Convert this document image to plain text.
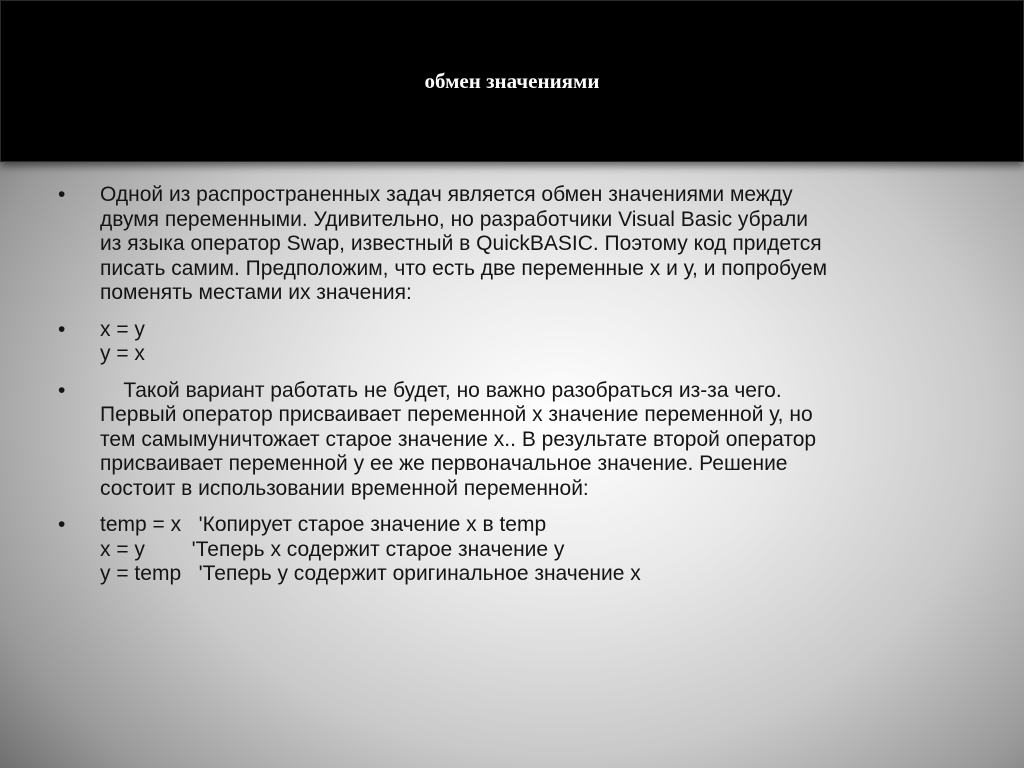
обмен значениями
•	Одной из распространенных задач является обмен значениями между
двумя переменными. Удивительно, но разработчики Visual Basic убрали
из языка оператор Swap, известный в QuickBASIC. Поэтому код придется
писать самим. Предположим, что есть две переменные x и у, и попробуем
поменять местами их значения:
•	x = y
у = x
•	Такой вариант работать не будет, но важно разобраться из-за чего.
Первый оператор присваивает переменной x значение переменной у, но
тем самымуничтожает старое значение x.. В результате второй оператор
присваивает переменной у ее же первоначальное значение. Решение
состоит в использовании временной переменной:
•	temp = x   'Копирует старое значение x в temp
x = y        'Теперь x содержит старое значение у
у = temp   'Теперь у содержит оригинальное значение x
